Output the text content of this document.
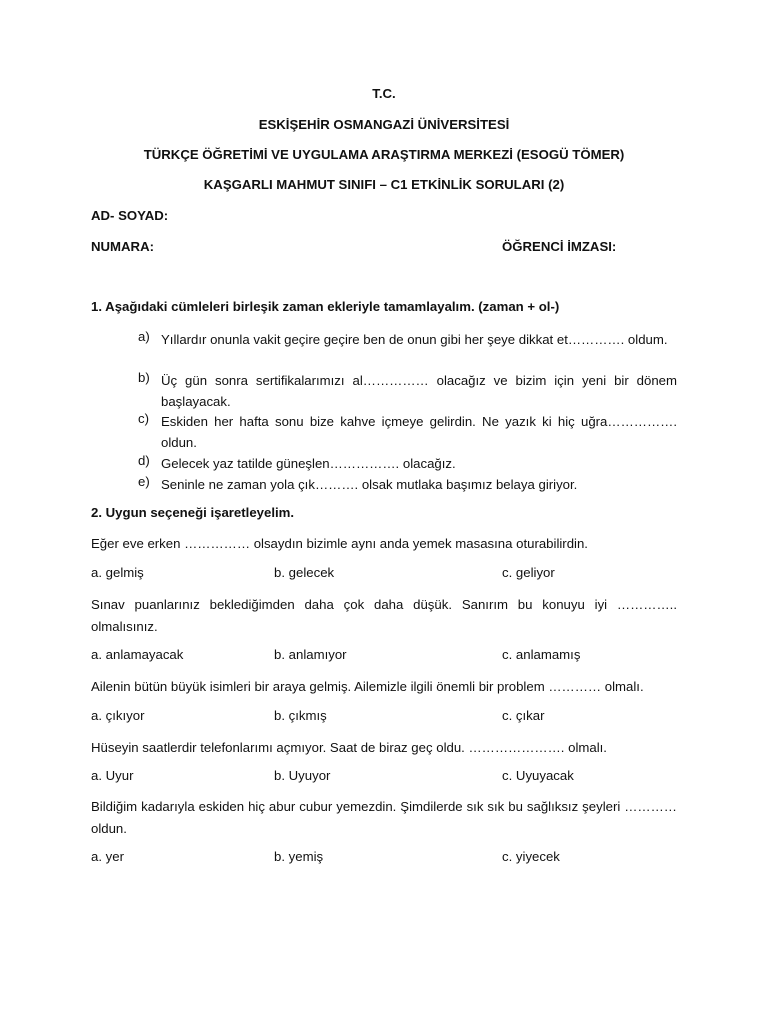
T.C.
ESKİŞEHİR OSMANGAZİ ÜNİVERSİTESİ
TÜRKÇE ÖĞRETİMİ VE UYGULAMA ARAŞTIRMA MERKEZİ (ESOGÜ TÖMER)
KAŞGARLI MAHMUT SINIFI – C1 ETKİNLİK SORULARI (2)
AD- SOYAD:
NUMARA:	ÖĞRENCİ İMZASI:
1. Aşağıdaki cümleleri birleşik zaman ekleriyle tamamlayalım. (zaman + ol-)
a) Yıllardır onunla vakit geçire geçire ben de onun gibi her şeye dikkat et…………. oldum.
b) Üç gün sonra sertifikalarımızı al…………… olacağız ve bizim için yeni bir dönem başlayacak.
c) Eskiden her hafta sonu bize kahve içmeye gelirdin. Ne yazık ki hiç uğra……………. oldun.
d) Gelecek yaz tatilde güneşlen……………. olacağız.
e) Seninle ne zaman yola çık………. olsak mutlaka başımız belaya giriyor.
2. Uygun seçeneği işaretleyelim.
Eğer eve erken …………… olsaydın bizimle aynı anda yemek masasına oturabilirdin.
a. gelmiş	b. gelecek	c. geliyor
Sınav puanlarınız beklediğimden daha çok daha düşük. Sanırım bu konuyu iyi ………….. olmalısınız.
a. anlamayacak	b. anlamıyor	c. anlamamış
Ailenin bütün büyük isimleri bir araya gelmiş. Ailemizle ilgili önemli bir problem ………… olmalı.
a. çıkıyor	b. çıkmış	c. çıkar
Hüseyin saatlerdir telefonlarımı açmıyor. Saat de biraz geç oldu. …………………. olmalı.
a. Uyur	b. Uyuyor	c. Uyuyacak
Bildiğim kadarıyla eskiden hiç abur cubur yemezdin. Şimdilerde sık sık bu sağlıksız şeyleri ………… oldun.
a. yer	b. yemiş	c. yiyecek
